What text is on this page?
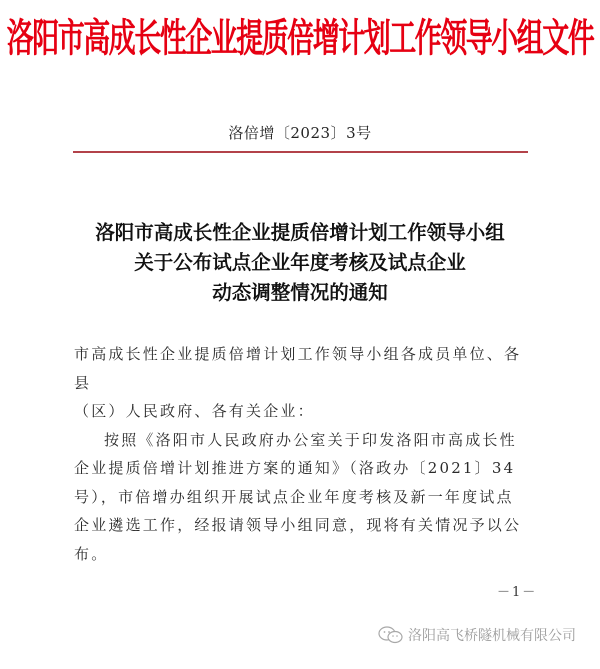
洛阳市高成长性企业提质倍增计划工作领导小组文件
洛倍增〔2023〕3号
洛阳市高成长性企业提质倍增计划工作领导小组
关于公布试点企业年度考核及试点企业
动态调整情况的通知

市高成长性企业提质倍增计划工作领导小组各成员单位、各县

（区）人民政府、各有关企业：

按照《洛阳市人民政府办公室关于印发洛阳市高成长性企业提质倍增计划推进方案的通知》（洛政办〔2021〕34号），市倍增办组织开展试点企业年度考核及新一年度试点企业遴选工作，经报请领导小组同意，现将有关情况予以公布。

－1－
洛阳高飞桥隧机械有限公司
